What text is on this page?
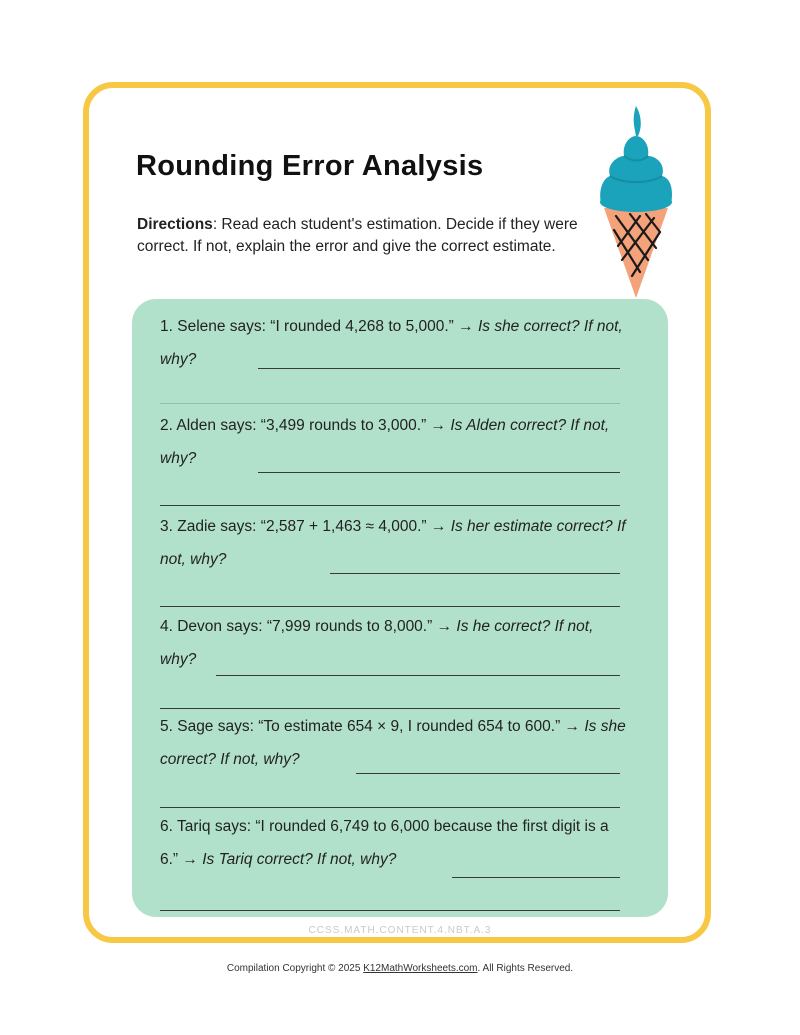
Rounding Error Analysis

Directions: Read each student's estimation. Decide if they were correct. If not, explain the error and give the correct estimate.

1. Selene says: “I rounded 4,268 to 5,000.” → Is she correct? If not, why?
2. Alden says: “3,499 rounds to 3,000.” → Is Alden correct? If not, why?
3. Zadie says: “2,587 + 1,463 ≈ 4,000.” → Is her estimate correct? If not, why?
4. Devon says: “7,999 rounds to 8,000.” → Is he correct? If not, why?
5. Sage says: “To estimate 654 × 9, I rounded 654 to 600.” → Is she correct? If not, why?
6. Tariq says: “I rounded 6,749 to 6,000 because the first digit is a 6.” → Is Tariq correct? If not, why?
CCSS.MATH.CONTENT.4.NBT.A.3
Compilation Copyright © 2025 K12MathWorksheets.com. All Rights Reserved.
